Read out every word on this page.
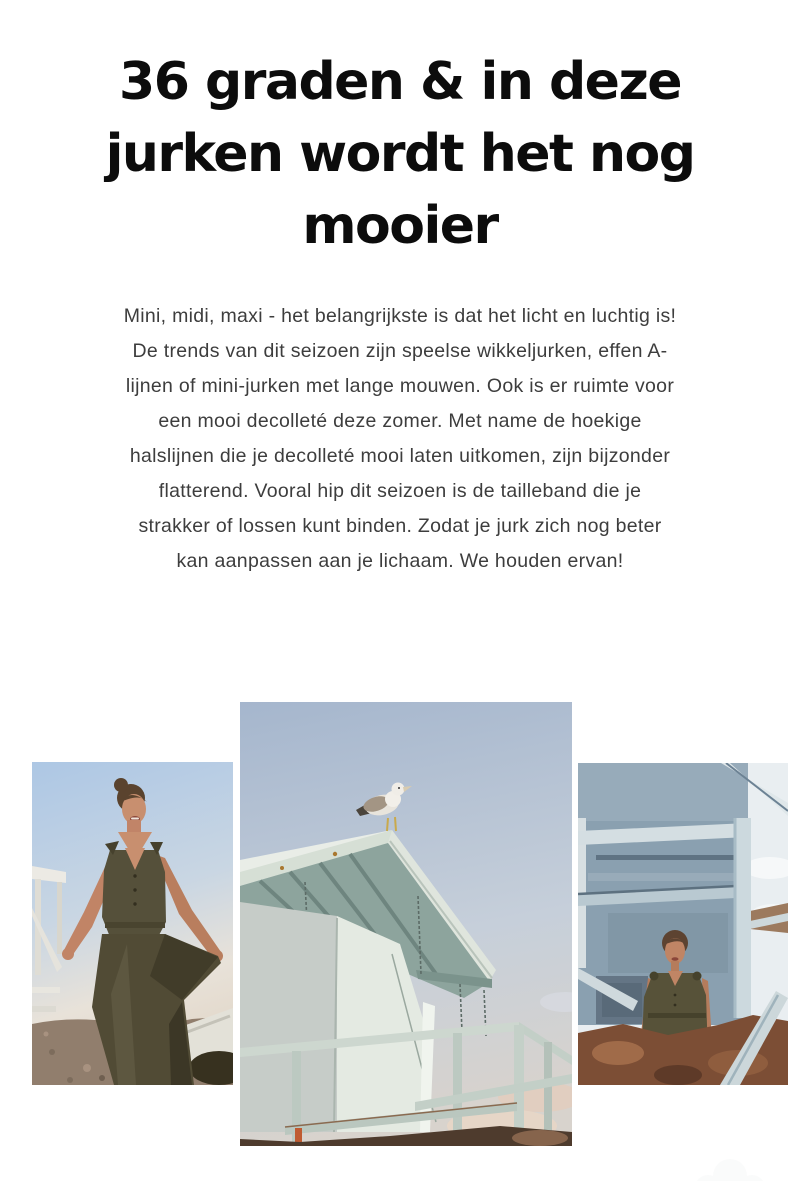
36 graden & in deze
jurken wordt het nog
mooier
Mini, midi, maxi - het belangrijkste is dat het licht en luchtig is!
De trends van dit seizoen zijn speelse wikkeljurken, effen A-
lijnen of mini-jurken met lange mouwen. Ook is er ruimte voor
een mooi decolleté deze zomer. Met name de hoekige
halslijnen die je decolleté mooi laten uitkomen, zijn bijzonder
flatterend. Vooral hip dit seizoen is de tailleband die je
strakker of lossen kunt binden. Zodat je jurk zich nog beter
kan aanpassen aan je lichaam. We houden ervan!
